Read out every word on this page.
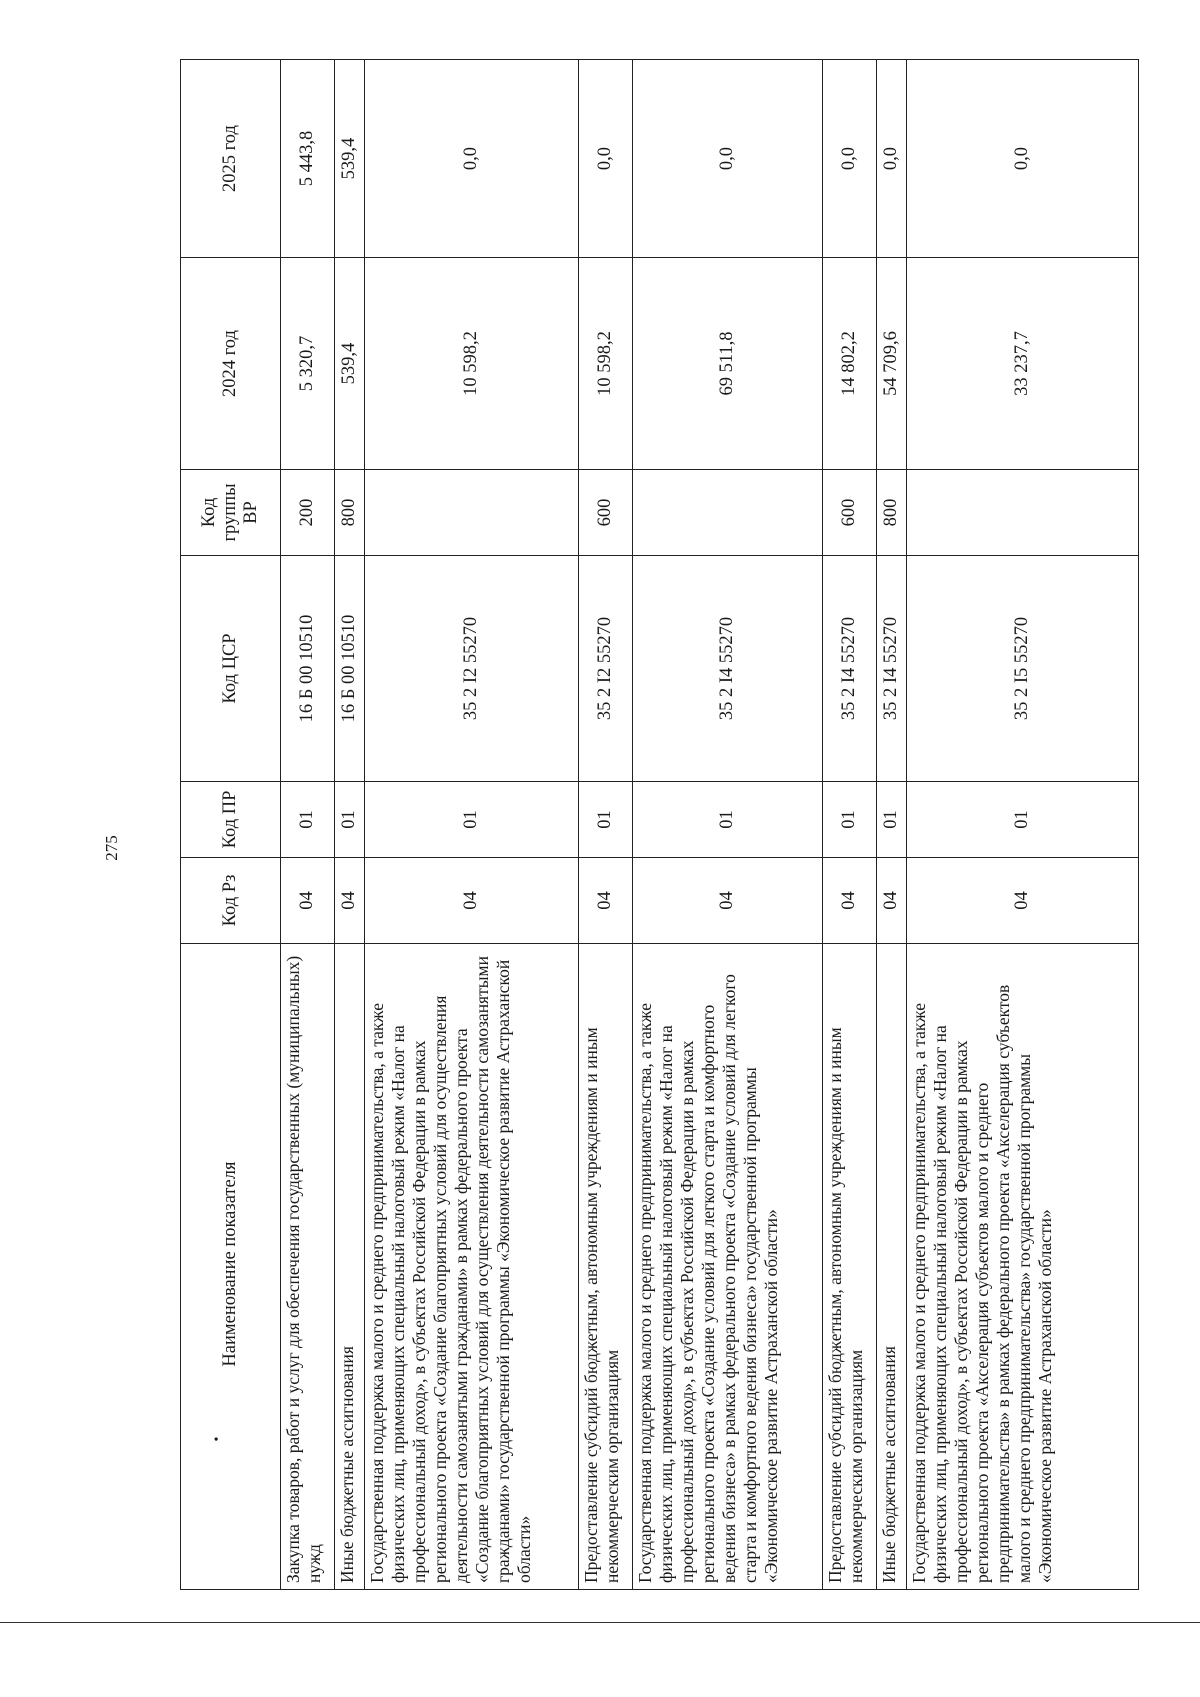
275
•Наименование показателя	Код Рз	Код ПР	Код ЦСР	Код группы ВР	2024 год	2025 год
Закупка товаров, работ и услуг для обеспечения государственных (муниципальных) нужд	04	01	16 Б 00 10510	200	5 320,7	5 443,8
Иные бюджетные ассигнования	04	01	16 Б 00 10510	800	539,4	539,4
Государственная поддержка малого и среднего предпринимательства, а также физических лиц, применяющих специальный налоговый режим «Налог на профессиональный доход», в субъектах Российской Федерации в рамках регионального проекта «Создание благоприятных условий для осуществления деятельности самозанятыми гражданами» в рамках федерального проекта «Создание благоприятных условий для осуществления деятельности самозанятыми гражданами» государственной программы «Экономическое развитие Астраханской области»	04	01	35 2 I2 55270		10 598,2	0,0
Предоставление субсидий бюджетным, автономным учреждениям и иным некоммерческим организациям	04	01	35 2 I2 55270	600	10 598,2	0,0
Государственная поддержка малого и среднего предпринимательства, а также физических лиц, применяющих специальный налоговый режим «Налог на профессиональный доход», в субъектах Российской Федерации в рамках регионального проекта «Создание условий для легкого старта и комфортного ведения бизнеса» в рамках федерального проекта «Создание условий для легкого старта и комфортного ведения бизнеса» государственной программы «Экономическое развитие Астраханской области»	04	01	35 2 I4 55270		69 511,8	0,0
Предоставление субсидий бюджетным, автономным учреждениям и иным некоммерческим организациям	04	01	35 2 I4 55270	600	14 802,2	0,0
Иные бюджетные ассигнования	04	01	35 2 I4 55270	800	54 709,6	0,0
Государственная поддержка малого и среднего предпринимательства, а также физических лиц, применяющих специальный налоговый режим «Налог на профессиональный доход», в субъектах Российской Федерации в рамках регионального проекта «Акселерация субъектов малого и среднего предпринимательства» в рамках федерального проекта «Акселерация субъектов малого и среднего предпринимательства» государственной программы «Экономическое развитие Астраханской области»	04	01	35 2 I5 55270		33 237,7	0,0
